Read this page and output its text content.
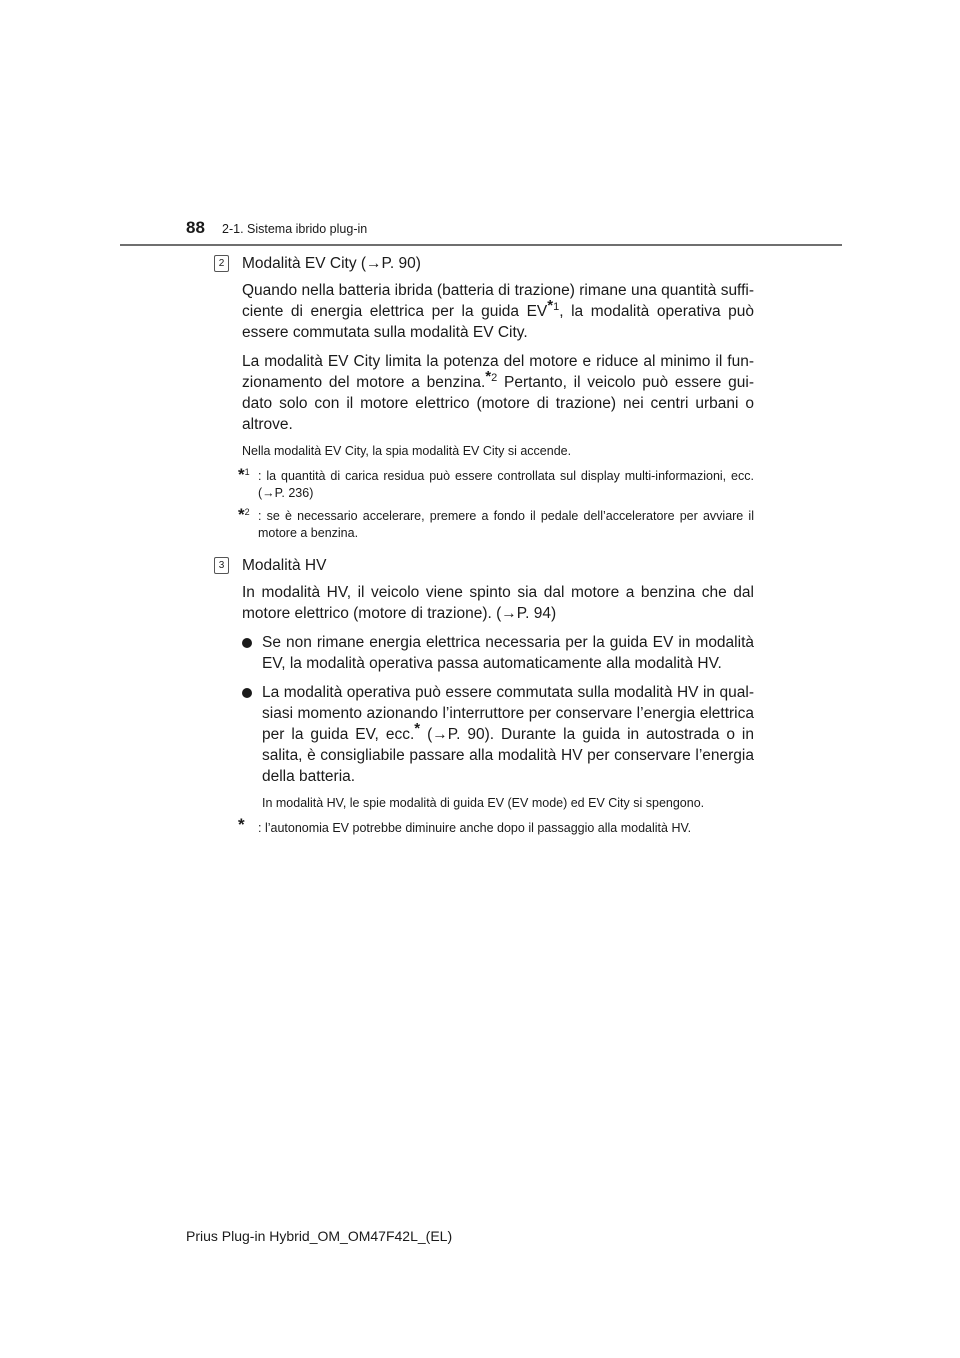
88 2-1. Sistema ibrido plug-in
2	Modalità EV City (→P. 90)

Quando nella batteria ibrida (batteria di trazione) rimane una quantità suffi- ciente di energia elettrica per la guida EV$^{*1}$, la modalità operativa può essere commutata sulla modalità EV City.

La modalità EV City limita la potenza del motore e riduce al minimo il fun- zionamento del motore a benzina.$^{*2}$ Pertanto, il veicolo può essere gui- dato solo con il motore elettrico (motore di trazione) nei centri urbani o altrove.

Nella modalità EV City, la spia modalità EV City si accende.

*$^1$ : la quantità di carica residua può essere controllata sul display multi-informazioni, ecc. (→P. 236)
*$^2$ : se è necessario accelerare, premere a fondo il pedale dell’acceleratore per avviare il motore a benzina.
3	Modalità HV

In modalità HV, il veicolo viene spinto sia dal motore a benzina che dal motore elettrico (motore di trazione). (→P. 94)

Se non rimane energia elettrica necessaria per la guida EV in modalità EV, la modalità operativa passa automaticamente alla modalità HV.
La modalità operativa può essere commutata sulla modalità HV in qual- siasi momento azionando l’interruttore per conservare l’energia elettrica per la guida EV, ecc.* (→P. 90). Durante la guida in autostrada o in salita, è consigliabile passare alla modalità HV per conservare l’energia della batteria.

In modalità HV, le spie modalità di guida EV (EV mode) ed EV City si spengono.

* : l’autonomia EV potrebbe diminuire anche dopo il passaggio alla modalità HV.
Prius Plug-in Hybrid_OM_OM47F42L_(EL)
